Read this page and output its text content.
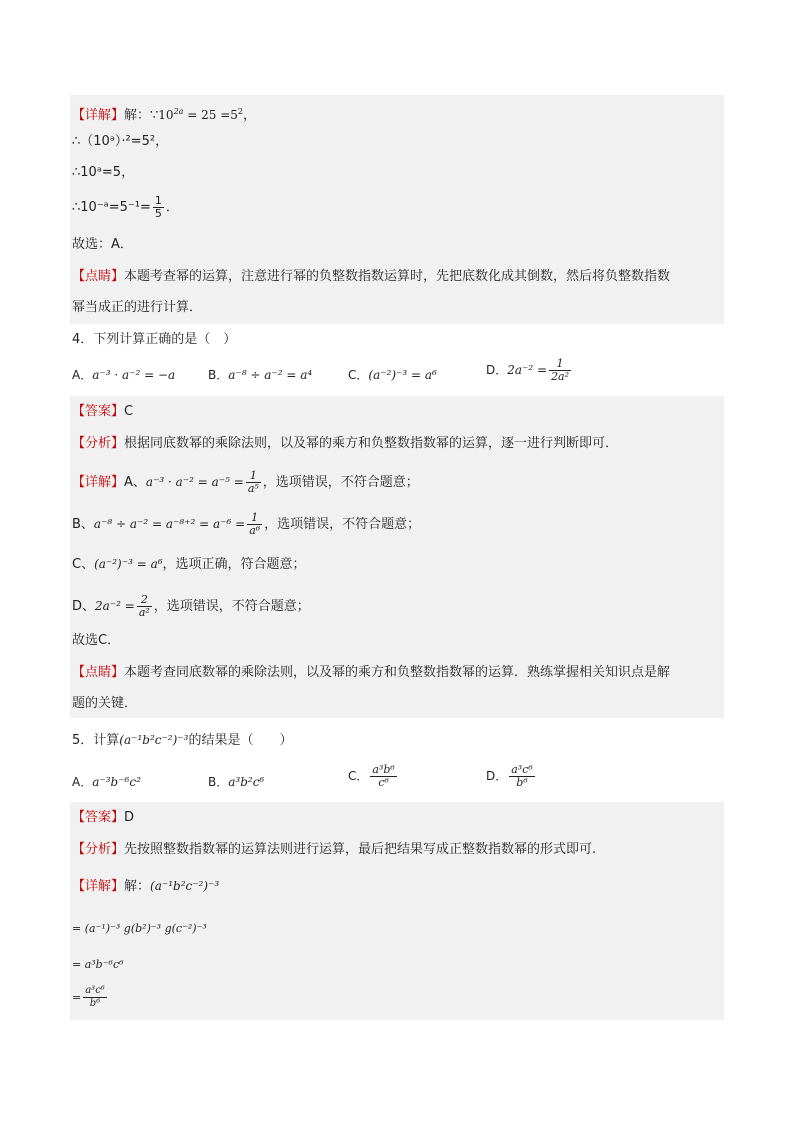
【详解】解：$\because 10^{2a} = 25 =5^2$，
∴（10ᵃ）·²=5²，
∴10ᵃ=5，
∴10⁻ᵃ=5⁻¹= $\frac{1}{5}$ ．
故选：A．
【点睛】本题考查幂的运算，注意进行幂的负整数指数运算时，先把底数化成其倒数，然后将负整数指数
幂当成正的进行计算．
4．下列计算正确的是（　）
A．a⁻³ · a⁻² = −a	B．a⁻⁸ ÷ a⁻² = a⁴	C．(a⁻²)⁻³ = a⁶	D．$2a^{-2} = \frac{1}{\text{2a²}}$
【答案】C
【分析】根据同底数幂的乘除法则，以及幂的乘方和负整数指数幂的运算，逐一进行判断即可．
【详解】A、$a^{-3} \cdot a^{-2} = a^{-5} = \frac{1}{\text{a⁵}}$ ，选项错误，不符合题意；
B、$a^{-8} \div a^{-2} = a^{-8+2} = a^{-6} = \frac{1}{\text{a⁶}}$ ，选项错误，不符合题意；
C、(a⁻²)⁻³ = a⁶，选项正确，符合题意；
D、$2a^{-2} = \frac{2}{\text{a²}}$ ，选项错误，不符合题意；
故选C．
【点睛】本题考查同底数幂的乘除法则，以及幂的乘方和负整数指数幂的运算．熟练掌握相关知识点是解
题的关键．
5．计算(a⁻¹b²c⁻²)⁻³的结果是（　　）
A．a⁻³b⁻⁶c²	B．a³b²c⁶	C． $\frac{\text{a³b⁶}}{\text{c⁶}}$	D． $\frac{\text{a³c⁶}}{\text{b⁶}}$
【答案】D
【分析】先按照整数指数幂的运算法则进行运算，最后把结果写成正整数指数幂的形式即可.
【详解】解：(a⁻¹b²c⁻²)⁻³
= (a⁻¹)⁻³ g(b²)⁻³ g(c⁻²)⁻³
= a³b⁻⁶c⁶
= $\frac{\text{a³c⁶}}{\text{b⁶}}$
